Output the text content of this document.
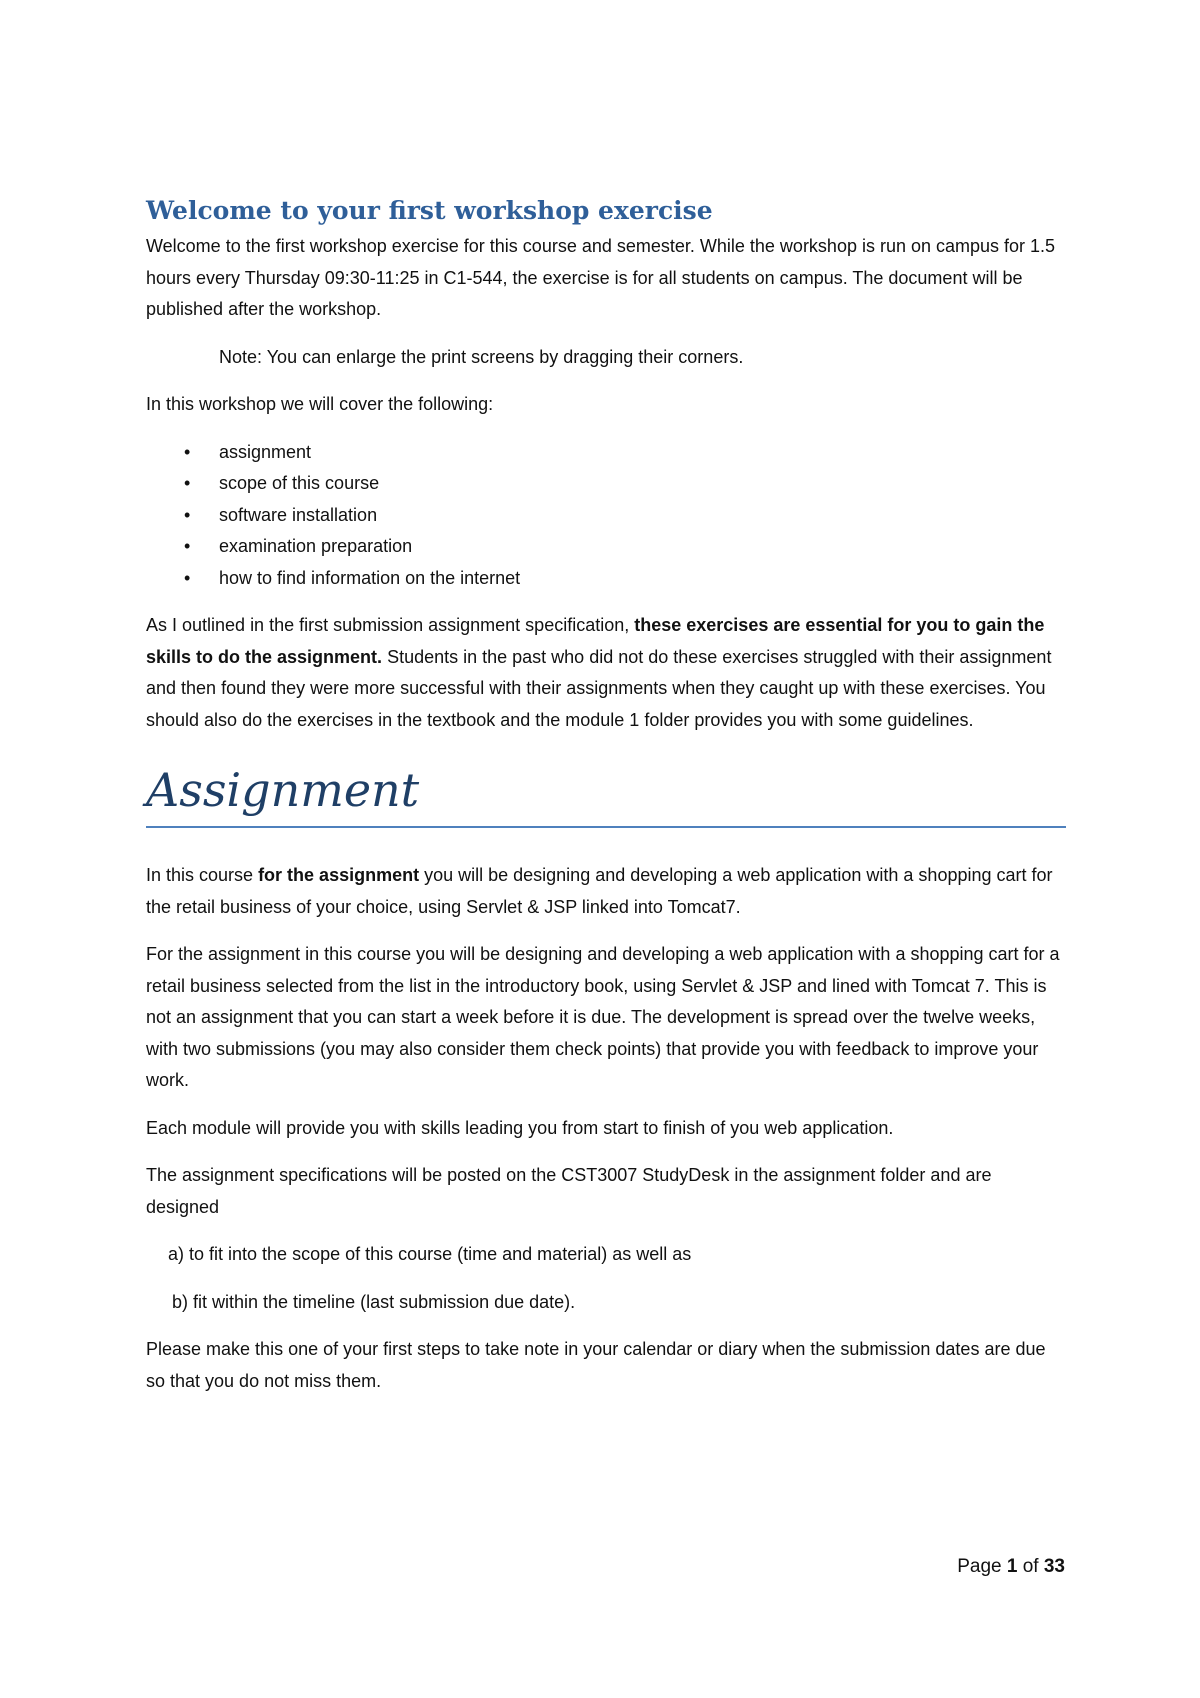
Welcome to your first workshop exercise

Welcome to the first workshop exercise for this course and semester. While the workshop is run on campus for 1.5 hours every Thursday 09:30-11:25 in C1-544, the exercise is for all students on campus. The document will be published after the workshop.

Note: You can enlarge the print screens by dragging their corners.

In this workshop we will cover the following:

• assignment
• scope of this course
• software installation
• examination preparation
• how to find information on the internet

As I outlined in the first submission assignment specification, these exercises are essential for you to gain the skills to do the assignment. Students in the past who did not do these exercises struggled with their assignment and then found they were more successful with their assignments when they caught up with these exercises. You should also do the exercises in the textbook and the module 1 folder provides you with some guidelines.

Assignment

In this course for the assignment you will be designing and developing a web application with a shopping cart for the retail business of your choice, using Servlet & JSP linked into Tomcat7.

For the assignment in this course you will be designing and developing a web application with a shopping cart for a retail business selected from the list in the introductory book, using Servlet & JSP and lined with Tomcat 7. This is not an assignment that you can start a week before it is due. The development is spread over the twelve weeks, with two submissions (you may also consider them check points) that provide you with feedback to improve your work.

Each module will provide you with skills leading you from start to finish of you web application.

The assignment specifications will be posted on the CST3007 StudyDesk in the assignment folder and are designed

a) to fit into the scope of this course (time and material) as well as

b) fit within the timeline (last submission due date).

Please make this one of your first steps to take note in your calendar or diary when the submission dates are due so that you do not miss them.

Page 1 of 33
